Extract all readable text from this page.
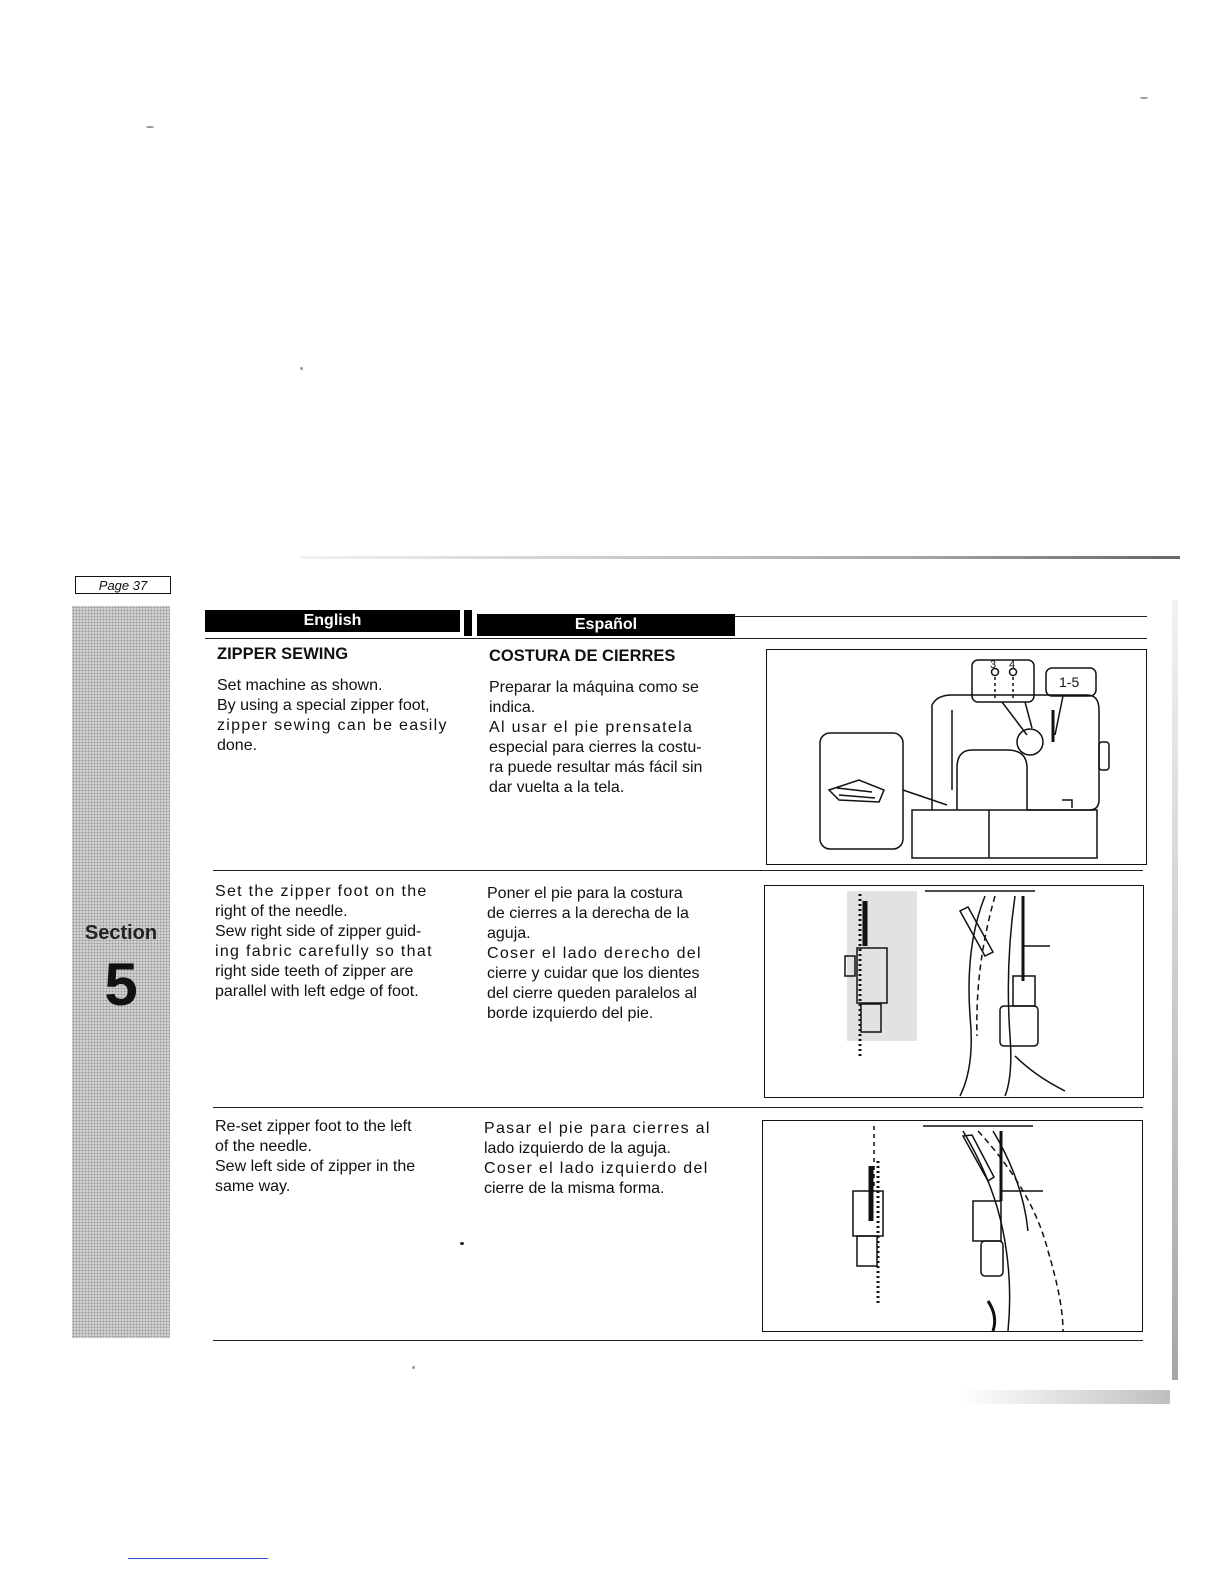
Page 37
Section
5
English	Español
ZIPPER SEWING	COSTURA DE CIERRES

Set machine as shown.

By using a special zipper foot,

zipper sewing can be easily

done.

Preparar la máquina como se

indica.

Al usar el pie prensatela

especial para cierres la costu-

ra puede resultar más fácil sin

dar vuelta a la tela.

3 4
1-5

Set the zipper foot on the

right of the needle.

Sew right side of zipper guid-

ing fabric carefully so that

right side teeth of zipper are

parallel with left edge of foot.

Poner el pie para la costura

de cierres a la derecha de la

aguja.

Coser el lado derecho del

cierre y cuidar que los dientes

del cierre queden paralelos al

borde izquierdo del pie.

Re-set zipper foot to the left

of the needle.

Sew left side of zipper in the

same way.

Pasar el pie para cierres al

lado izquierdo de la aguja.

Coser el lado izquierdo del

cierre de la misma forma.
